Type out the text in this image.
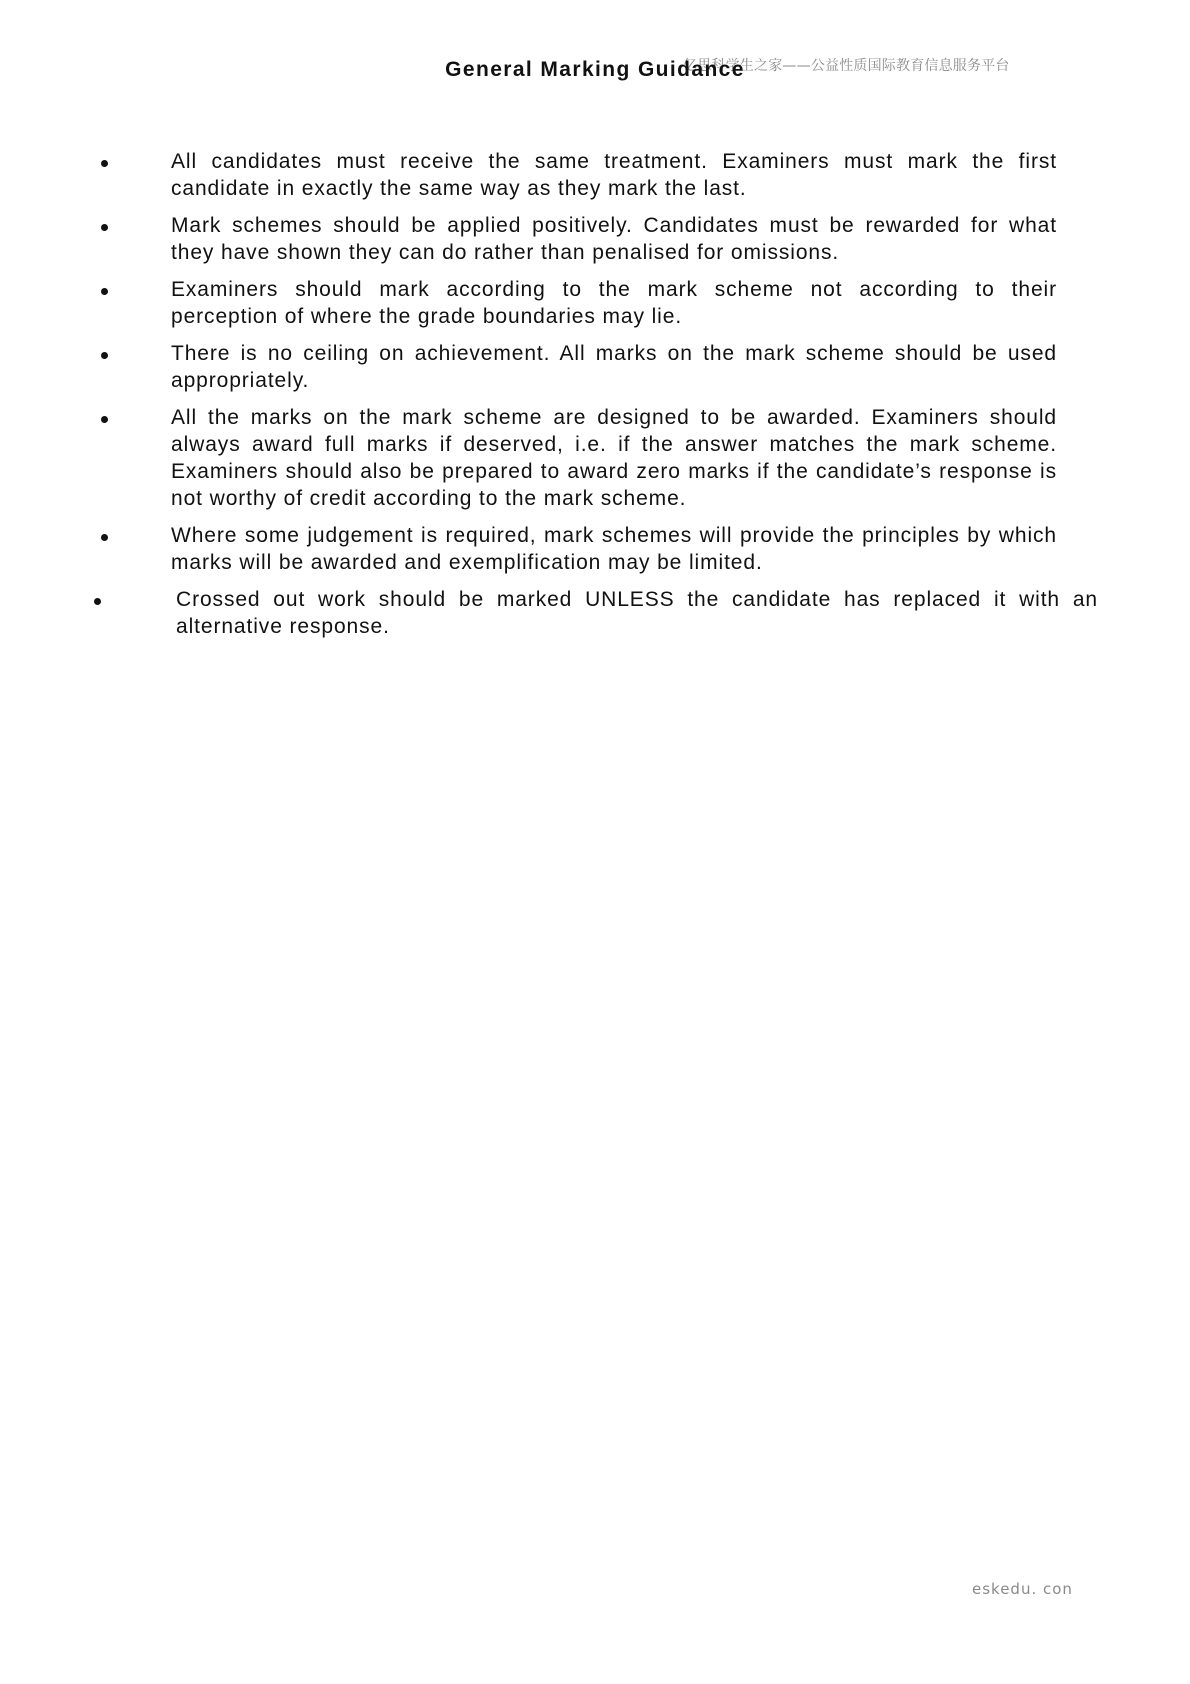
亿思科学生之家——公益性质国际教育信息服务平台
General Marking Guidance

All candidates must receive the same treatment. Examiners must mark the first candidate in exactly the same way as they mark the last.

Mark schemes should be applied positively. Candidates must be rewarded for what they have shown they can do rather than penalised for omissions.

Examiners should mark according to the mark scheme not according to their perception of where the grade boundaries may lie.

There is no ceiling on achievement. All marks on the mark scheme should be used appropriately.

All the marks on the mark scheme are designed to be awarded. Examiners should always award full marks if deserved, i.e. if the answer matches the mark scheme. Examiners should also be prepared to award zero marks if the candidate’s response is not worthy of credit according to the mark scheme.

Where some judgement is required, mark schemes will provide the principles by which marks will be awarded and exemplification may be limited.

Crossed out work should be marked UNLESS the candidate has replaced it with an alternative response.

eskedu. con
